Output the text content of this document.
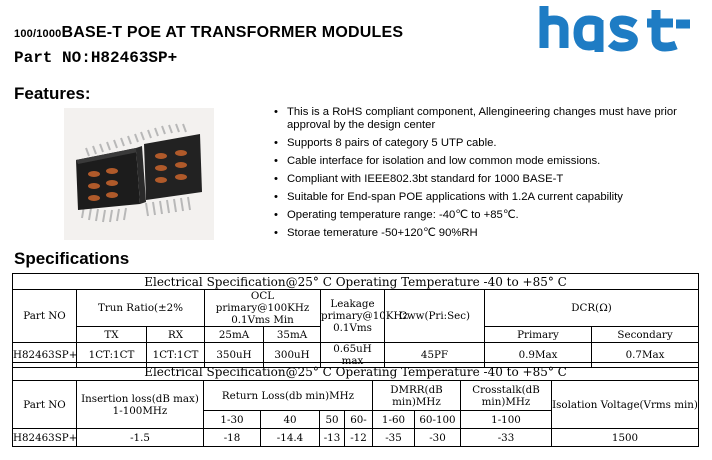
100/1000BASE-T POE AT TRANSFORMER MODULES
Part NO:H82463SP+
Features:
• This is a RoHS compliant component, Allengineering changes must have prior approval by the design center
• Supports 8 pairs of category 5 UTP cable.
• Cable interface for isolation and low common mode emissions.
• Compliant with IEEE802.3bt standard for 1000 BASE-T
• Suitable for End-span POE applications with 1.2A current capability
• Operating temperature range: -40℃ to +85℃.
• Storae temerature -50+120℃ 90%RH
Specifications
Electrical Specification@25° C Operating Temperature -40 to +85° C								
Part NO	Trun Ratio(±2%		OCL primary@100KHz 0.1Vms Min		Leakage primary@10KHz 0.1Vms	Cww(Pri:Sec)	DCR(Ω)	
	TX	RX	25mA	35mA			Primary	Secondary
H82463SP+	1CT:1CT	1CT:1CT	350uH	300uH	0.65uH max	45PF	0.9Max	0.7Max
Electrical Specification@25° C Operating Temperature -40 to +85° C									
Part NO	Insertion loss(dB max) 1-100MHz	Return Loss(db min)MHz				DMRR(dB min)MHz		Crosstalk(dB min)MHz	Isolation Voltage(Vrms min)
		1-30	40	50	60-	1-60	60-100	1-100	
H82463SP+	-1.5	-18	-14.4	-13	-12	-35	-30	-33	1500
